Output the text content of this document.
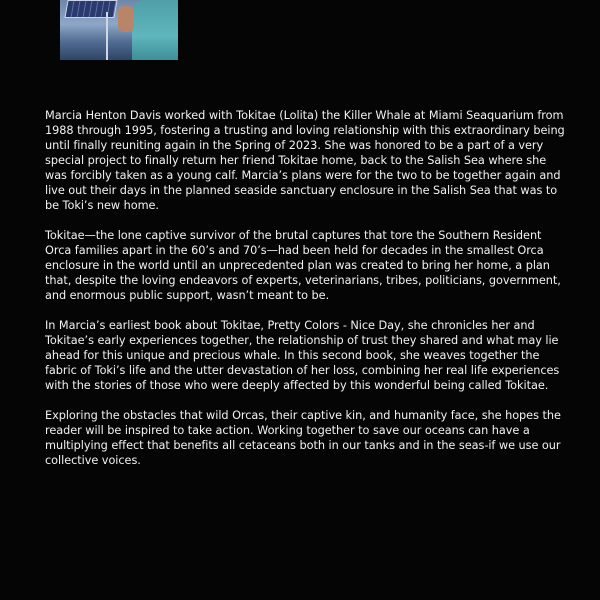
Marcia Henton Davis worked with Tokitae (Lolita) the Killer Whale at Miami Seaquarium from 1988 through 1995, fostering a trusting and loving relationship with this extraordinary being until finally reuniting again in the Spring of 2023. She was honored to be a part of a very special project to finally return her friend Tokitae home, back to the Salish Sea where she was forcibly taken as a young calf. Marcia’s plans were for the two to be together again and live out their days in the planned seaside sanctuary enclosure in the Salish Sea that was to be Toki’s new home.

Tokitae—the lone captive survivor of the brutal captures that tore the Southern Resident Orca families apart in the 60’s and 70’s—had been held for decades in the smallest Orca enclosure in the world until an unprecedented plan was created to bring her home, a plan that, despite the loving endeavors of experts, veterinarians, tribes, politicians, government, and enormous public support, wasn’t meant to be.

In Marcia’s earliest book about Tokitae, Pretty Colors - Nice Day, she chronicles her and Tokitae’s early experiences together, the relationship of trust they shared and what may lie ahead for this unique and precious whale. In this second book, she weaves together the fabric of Toki’s life and the utter devastation of her loss, combining her real life experiences with the stories of those who were deeply affected by this wonderful being called Tokitae.

Exploring the obstacles that wild Orcas, their captive kin, and humanity face, she hopes the reader will be inspired to take action. Working together to save our oceans can have a multiplying effect that benefits all cetaceans both in our tanks and in the seas-if we use our collective voices.
